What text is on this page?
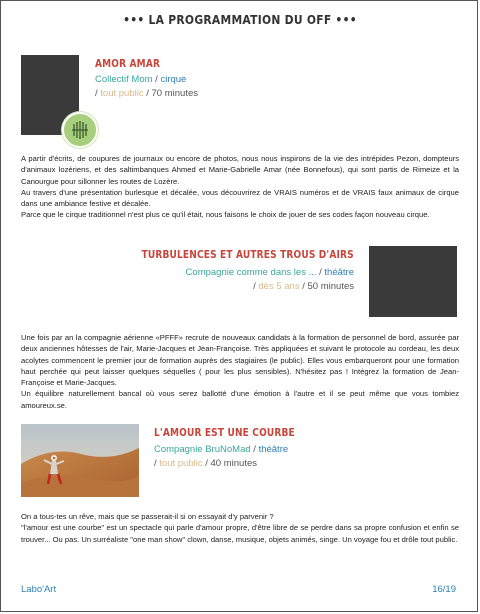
••• LA PROGRAMMATION DU OFF •••
AMOR AMAR
Collectif Mom / cirque
/ tout public / 70 minutes

A partir d'écrits, de coupures de journaux ou encore de photos, nous nous inspirons de la vie des intrépides Pezon, dompteurs d'animaux lozériens, et des saltimbanques Ahmed et Marie-Gabrielle Amar (née Bonnefous), qui sont partis de Rimeize et la Canourgue pour sillonner les routes de Lozère.

Au travers d'une présentation burlesque et décalée, vous découvrirez de VRAIS numéros et de VRAIS faux animaux de cirque dans une ambiance festive et décalée.

Parce que le cirque traditionnel n'est plus ce qu'il était, nous faisons le choix de jouer de ses codes façon nouveau cirque.

TURBULENCES ET AUTRES TROUS D'AIRS
Compagnie comme dans les ... / théâtre
/ dès 5 ans / 50 minutes

Une fois par an la compagnie aérienne «PFFF» recrute de nouveaux candidats à la formation de personnel de bord, assurée par deux anciennes hôtesses de l'air, Marie-Jacques et Jean-Françoise. Très appliquées et suivant le protocole au cordeau, les deux acolytes commencent le premier jour de formation auprès des stagiaires (le public). Elles vous embarqueront pour une formation haut perchée qui peut laisser quelques séquelles ( pour les plus sensibles). N'hésitez pas ! Intégrez la formation de Jean-Françoise et Marie-Jacques.

Un équilibre naturellement bancal où vous serez ballotté d'une émotion à l'autre et il se peut même que vous tombiez amoureux.se.

L'AMOUR EST UNE COURBE
Compagnie BruNoMad / théâtre
/ tout public / 40 minutes

On a tous-tes un rêve, mais que se passerait-il si on essayait d'y parvenir ?

"l'amour est une courbe" est un spectacle qui parle d'amour propre, d'être libre de se perdre dans sa propre confusion et enfin se trouver... Ou pas. Un surréaliste "one man show" clown, danse, musique, objets animés, singe. Un voyage fou et drôle tout public.

Labo'Art	16/19
